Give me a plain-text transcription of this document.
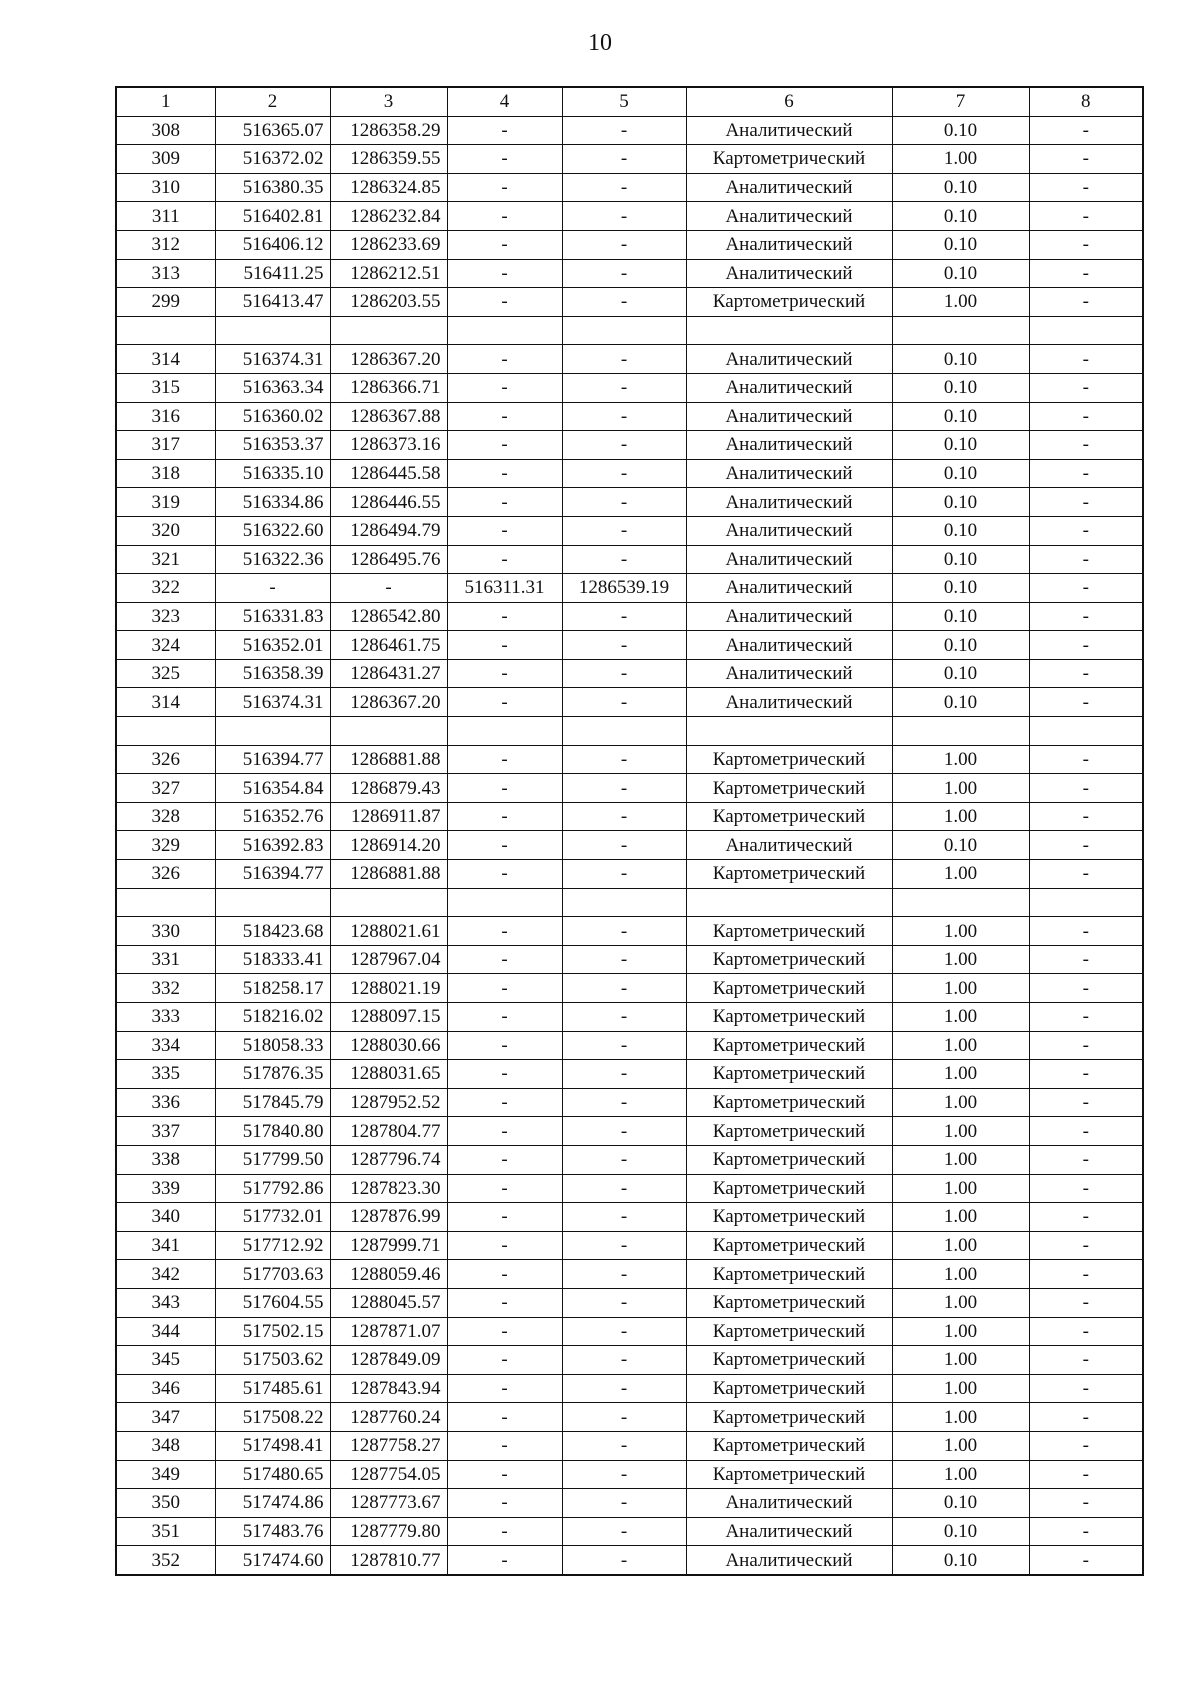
10
1	2	3	4	5	6	7	8
308	516365.07	1286358.29	-	-	Аналитический	0.10	-
309	516372.02	1286359.55	-	-	Картометрический	1.00	-
310	516380.35	1286324.85	-	-	Аналитический	0.10	-
311	516402.81	1286232.84	-	-	Аналитический	0.10	-
312	516406.12	1286233.69	-	-	Аналитический	0.10	-
313	516411.25	1286212.51	-	-	Аналитический	0.10	-
299	516413.47	1286203.55	-	-	Картометрический	1.00	-

314	516374.31	1286367.20	-	-	Аналитический	0.10	-
315	516363.34	1286366.71	-	-	Аналитический	0.10	-
316	516360.02	1286367.88	-	-	Аналитический	0.10	-
317	516353.37	1286373.16	-	-	Аналитический	0.10	-
318	516335.10	1286445.58	-	-	Аналитический	0.10	-
319	516334.86	1286446.55	-	-	Аналитический	0.10	-
320	516322.60	1286494.79	-	-	Аналитический	0.10	-
321	516322.36	1286495.76	-	-	Аналитический	0.10	-
322	-	-	516311.31	1286539.19	Аналитический	0.10	-
323	516331.83	1286542.80	-	-	Аналитический	0.10	-
324	516352.01	1286461.75	-	-	Аналитический	0.10	-
325	516358.39	1286431.27	-	-	Аналитический	0.10	-
314	516374.31	1286367.20	-	-	Аналитический	0.10	-

326	516394.77	1286881.88	-	-	Картометрический	1.00	-
327	516354.84	1286879.43	-	-	Картометрический	1.00	-
328	516352.76	1286911.87	-	-	Картометрический	1.00	-
329	516392.83	1286914.20	-	-	Аналитический	0.10	-
326	516394.77	1286881.88	-	-	Картометрический	1.00	-

330	518423.68	1288021.61	-	-	Картометрический	1.00	-
331	518333.41	1287967.04	-	-	Картометрический	1.00	-
332	518258.17	1288021.19	-	-	Картометрический	1.00	-
333	518216.02	1288097.15	-	-	Картометрический	1.00	-
334	518058.33	1288030.66	-	-	Картометрический	1.00	-
335	517876.35	1288031.65	-	-	Картометрический	1.00	-
336	517845.79	1287952.52	-	-	Картометрический	1.00	-
337	517840.80	1287804.77	-	-	Картометрический	1.00	-
338	517799.50	1287796.74	-	-	Картометрический	1.00	-
339	517792.86	1287823.30	-	-	Картометрический	1.00	-
340	517732.01	1287876.99	-	-	Картометрический	1.00	-
341	517712.92	1287999.71	-	-	Картометрический	1.00	-
342	517703.63	1288059.46	-	-	Картометрический	1.00	-
343	517604.55	1288045.57	-	-	Картометрический	1.00	-
344	517502.15	1287871.07	-	-	Картометрический	1.00	-
345	517503.62	1287849.09	-	-	Картометрический	1.00	-
346	517485.61	1287843.94	-	-	Картометрический	1.00	-
347	517508.22	1287760.24	-	-	Картометрический	1.00	-
348	517498.41	1287758.27	-	-	Картометрический	1.00	-
349	517480.65	1287754.05	-	-	Картометрический	1.00	-
350	517474.86	1287773.67	-	-	Аналитический	0.10	-
351	517483.76	1287779.80	-	-	Аналитический	0.10	-
352	517474.60	1287810.77	-	-	Аналитический	0.10	-
